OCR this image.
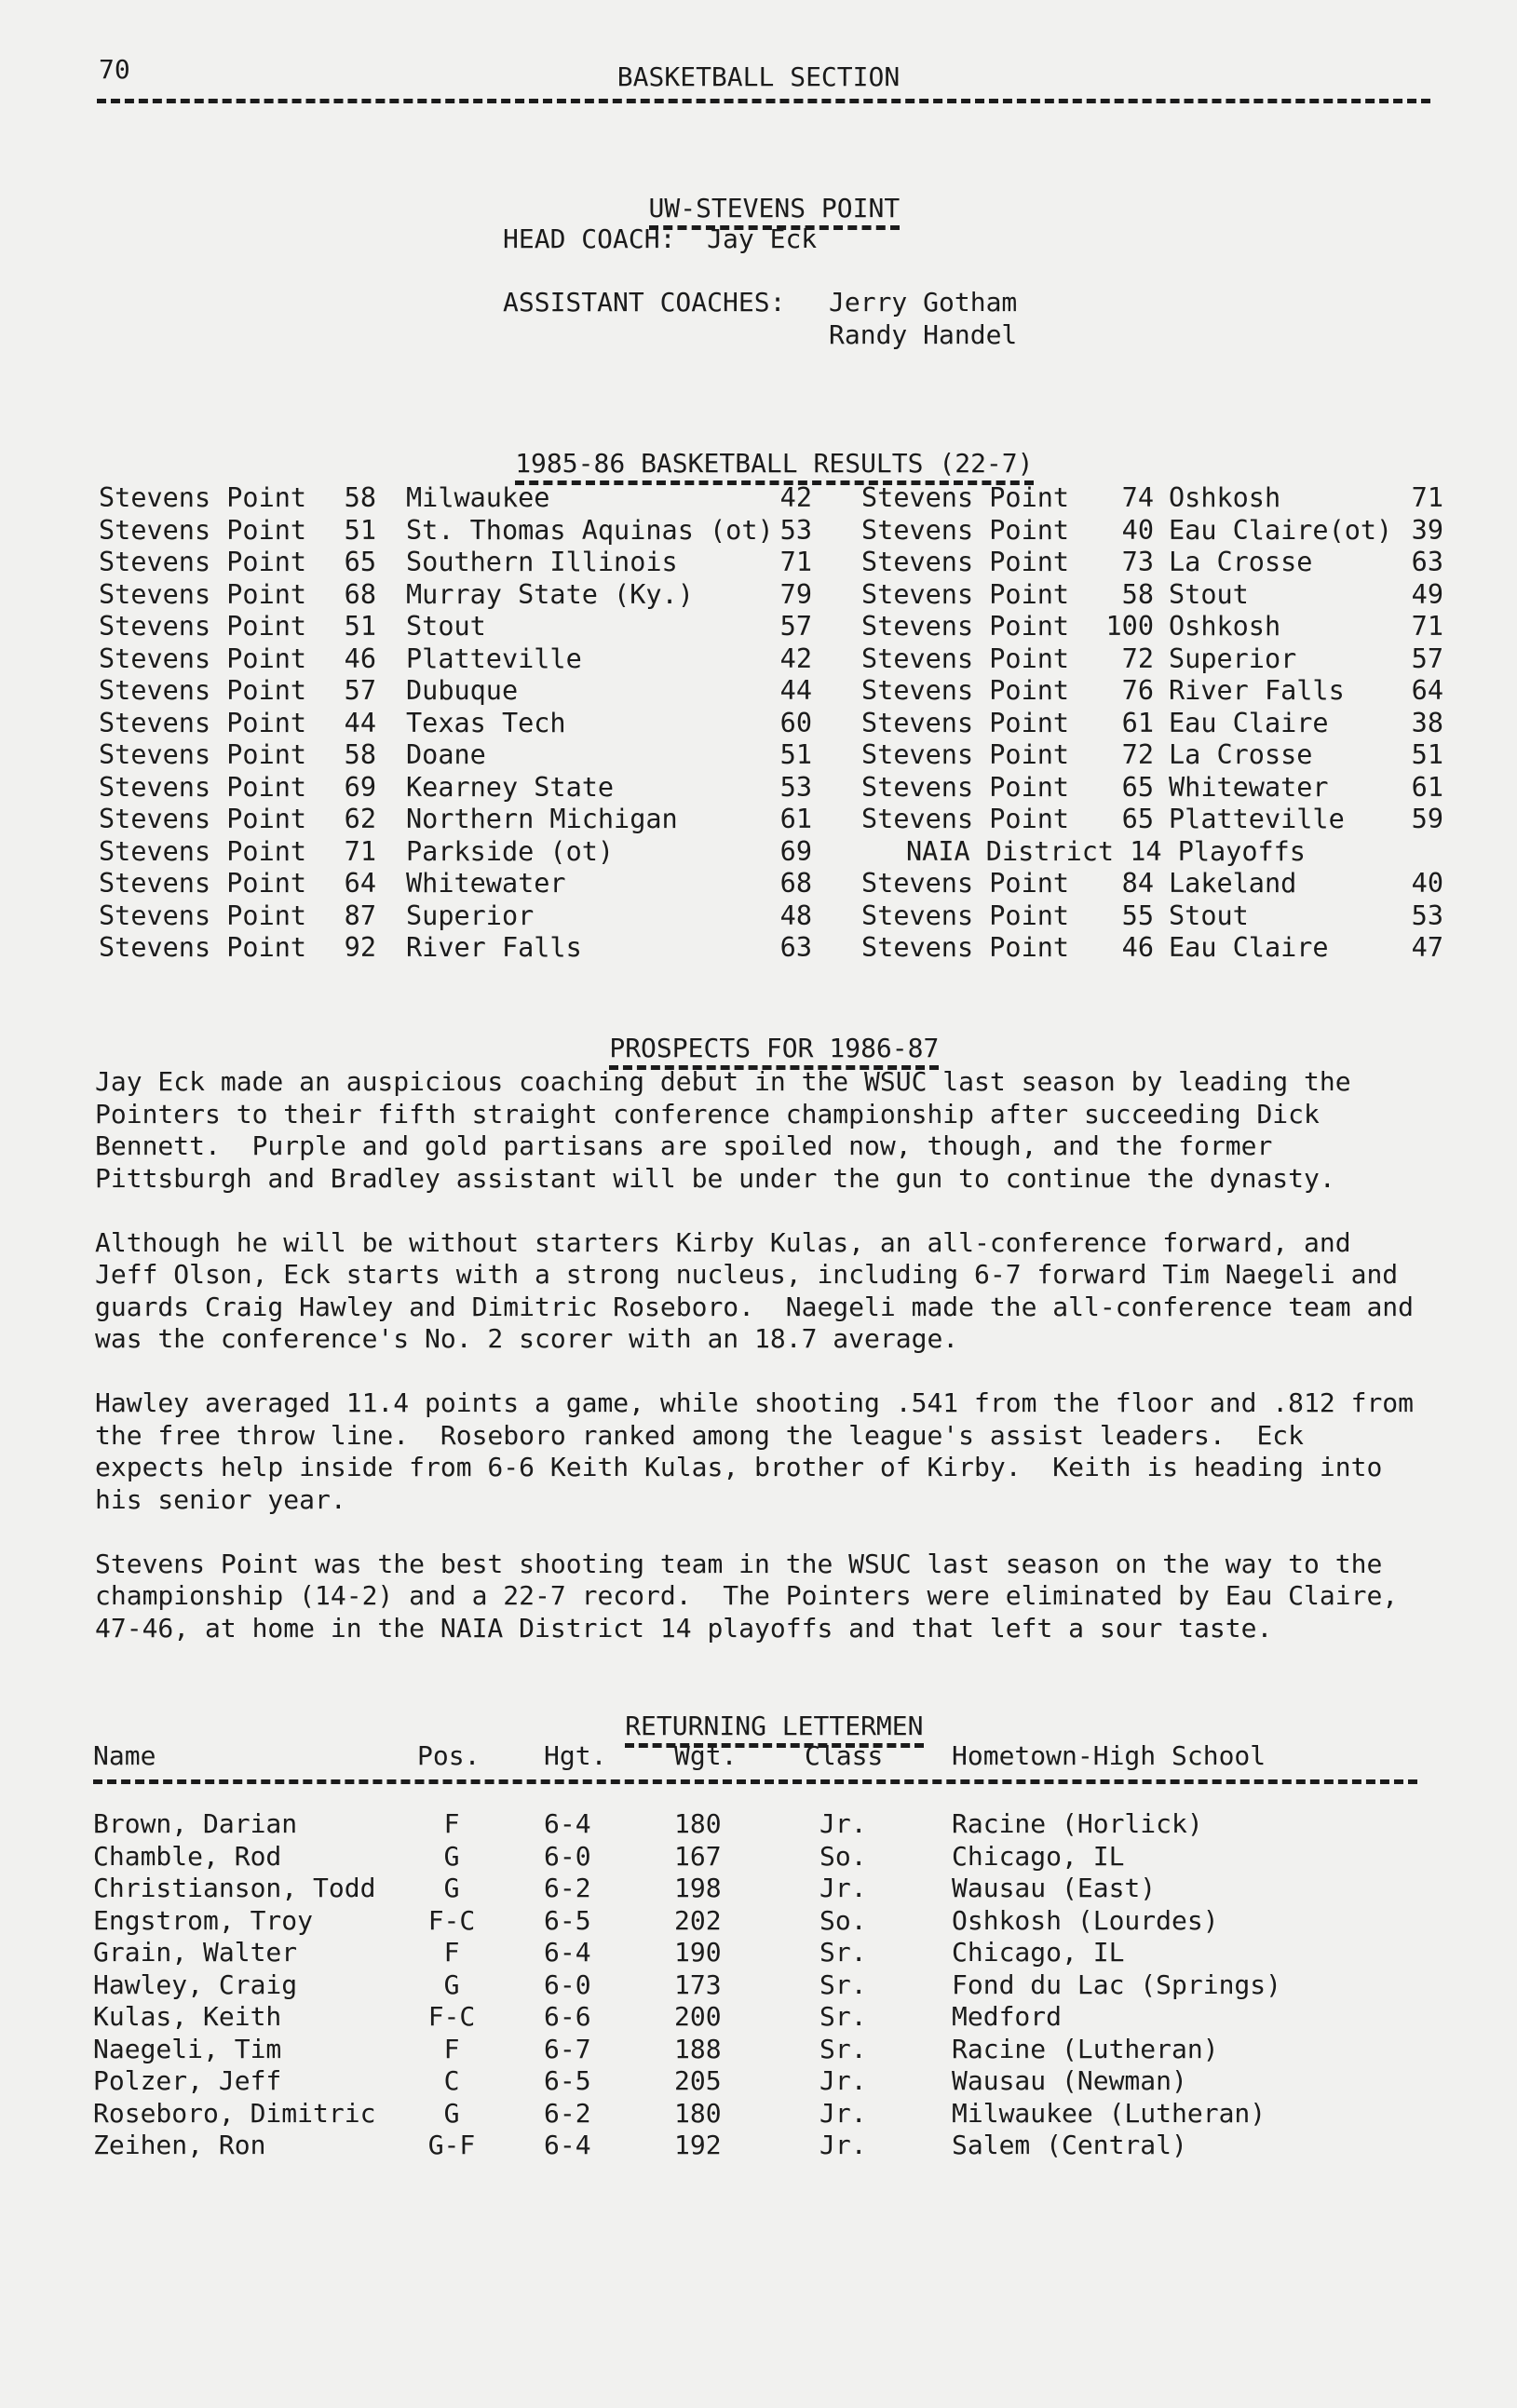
70	BASKETBALL SECTION

UW-STEVENS POINT

HEAD COACH: Jay Eck
ASSISTANT COACHES: Jerry Gotham
Randy Handel

1985-86 BASKETBALL RESULTS (22-7)

Stevens Point	58 Milwaukee	42
Stevens Point	51 St. Thomas Aquinas (ot) 53
Stevens Point	65 Southern Illinois	71
Stevens Point	68 Murray State (Ky.)	79
Stevens Point	51 Stout	57
Stevens Point	46 Platteville	42
Stevens Point	57 Dubuque	44
Stevens Point	44 Texas Tech	60
Stevens Point	58 Doane	51
Stevens Point	69 Kearney State	53
Stevens Point	62 Northern Michigan	61
Stevens Point	71 Parkside (ot)	69
Stevens Point	64 Whitewater	68
Stevens Point	87 Superior	48
Stevens Point	92 River Falls	63
Stevens Point	74 Oshkosh	71
Stevens Point	40 Eau Claire(ot) 39
Stevens Point	73 La Crosse	63
Stevens Point	58 Stout	49
Stevens Point	100 Oshkosh	71
Stevens Point	72 Superior	57
Stevens Point	76 River Falls	64
Stevens Point	61 Eau Claire	38
Stevens Point	72 La Crosse	51
Stevens Point	65 Whitewater	61
Stevens Point	65 Platteville	59
NAIA District 14 Playoffs
Stevens Point	84 Lakeland	40
Stevens Point	55 Stout	53
Stevens Point	46 Eau Claire	47

PROSPECTS FOR 1986-87

Jay Eck made an auspicious coaching debut in the WSUC last season by leading the

Pointers to their fifth straight conference championship after succeeding Dick

Bennett.  Purple and gold partisans are spoiled now, though, and the former

Pittsburgh and Bradley assistant will be under the gun to continue the dynasty.

Although he will be without starters Kirby Kulas, an all-conference forward, and

Jeff Olson, Eck starts with a strong nucleus, including 6-7 forward Tim Naegeli and

guards Craig Hawley and Dimitric Roseboro.  Naegeli made the all-conference team and

was the conference's No. 2 scorer with an 18.7 average.

Hawley averaged 11.4 points a game, while shooting .541 from the floor and .812 from

the free throw line.  Roseboro ranked among the league's assist leaders.  Eck

expects help inside from 6-6 Keith Kulas, brother of Kirby.  Keith is heading into

his senior year.

Stevens Point was the best shooting team in the WSUC last season on the way to the

championship (14-2) and a 22-7 record.  The Pointers were eliminated by Eau Claire,

47-46, at home in the NAIA District 14 playoffs and that left a sour taste.

RETURNING LETTERMEN

Name	Pos. Hgt.	Wgt.	Class	Hometown-High School
Brown, Darian	F	6-4	180	Jr.	Racine (Horlick)
Chamble, Rod	G	6-0	167	So.	Chicago, IL
Christianson, Todd	G	6-2	198	Jr.	Wausau (East)
Engstrom, Troy	F-C	6-5	202	So.	Oshkosh (Lourdes)
Grain, Walter	F	6-4	190	Sr.	Chicago, IL
Hawley, Craig	G	6-0	173	Sr.	Fond du Lac (Springs)
Kulas, Keith	F-C	6-6	200	Sr.	Medford
Naegeli, Tim	F	6-7	188	Sr.	Racine (Lutheran)
Polzer, Jeff	C	6-5	205	Jr.	Wausau (Newman)
Roseboro, Dimitric	G	6-2	180	Jr.	Milwaukee (Lutheran)
Zeihen, Ron	G-F	6-4	192	Jr.	Salem (Central)
